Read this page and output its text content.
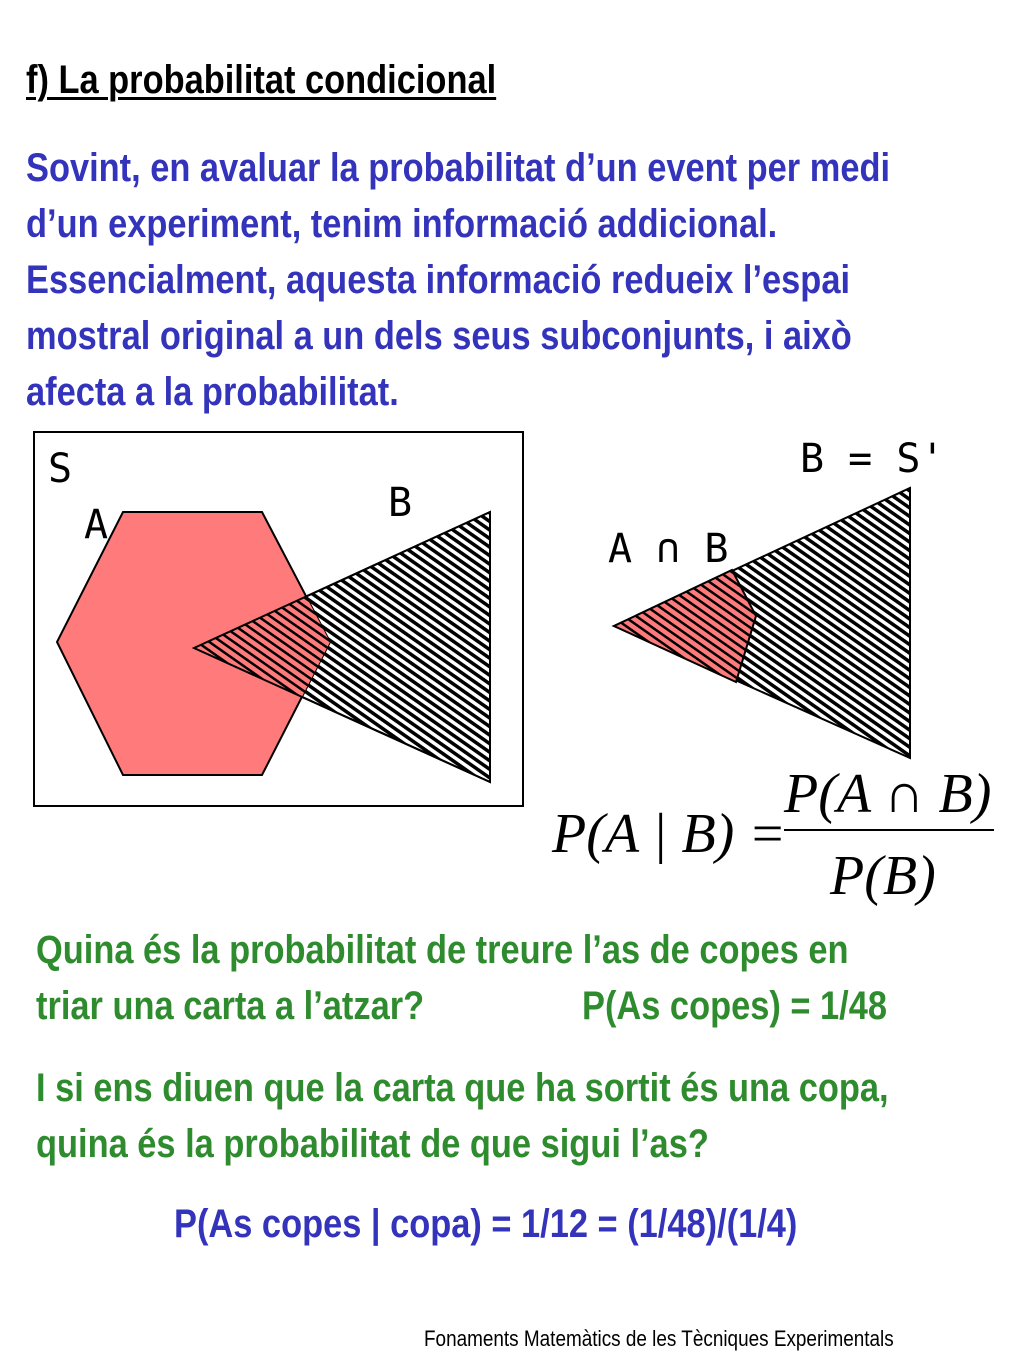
f) La probabilitat condicional
Sovint, en avaluar la probabilitat d’un event per medi
d’un experiment, tenim informació addicional.
Essencialment, aquesta informació redueix l’espai
mostral original a un dels seus subconjunts, i això
afecta a la probabilitat.
S
A	B
B = S'
A ∩ B
P(A | B) =
P(A ∩ B)
P(B)
Quina és la probabilitat de treure l’as de copes en
triar una carta a l’atzar?	P(As copes) = 1/48
I si ens diuen que la carta que ha sortit és una copa,
quina és la probabilitat de que sigui l’as?
P(As copes | copa) = 1/12 = (1/48)/(1/4)
Fonaments Matemàtics de les Tècniques Experimentals
